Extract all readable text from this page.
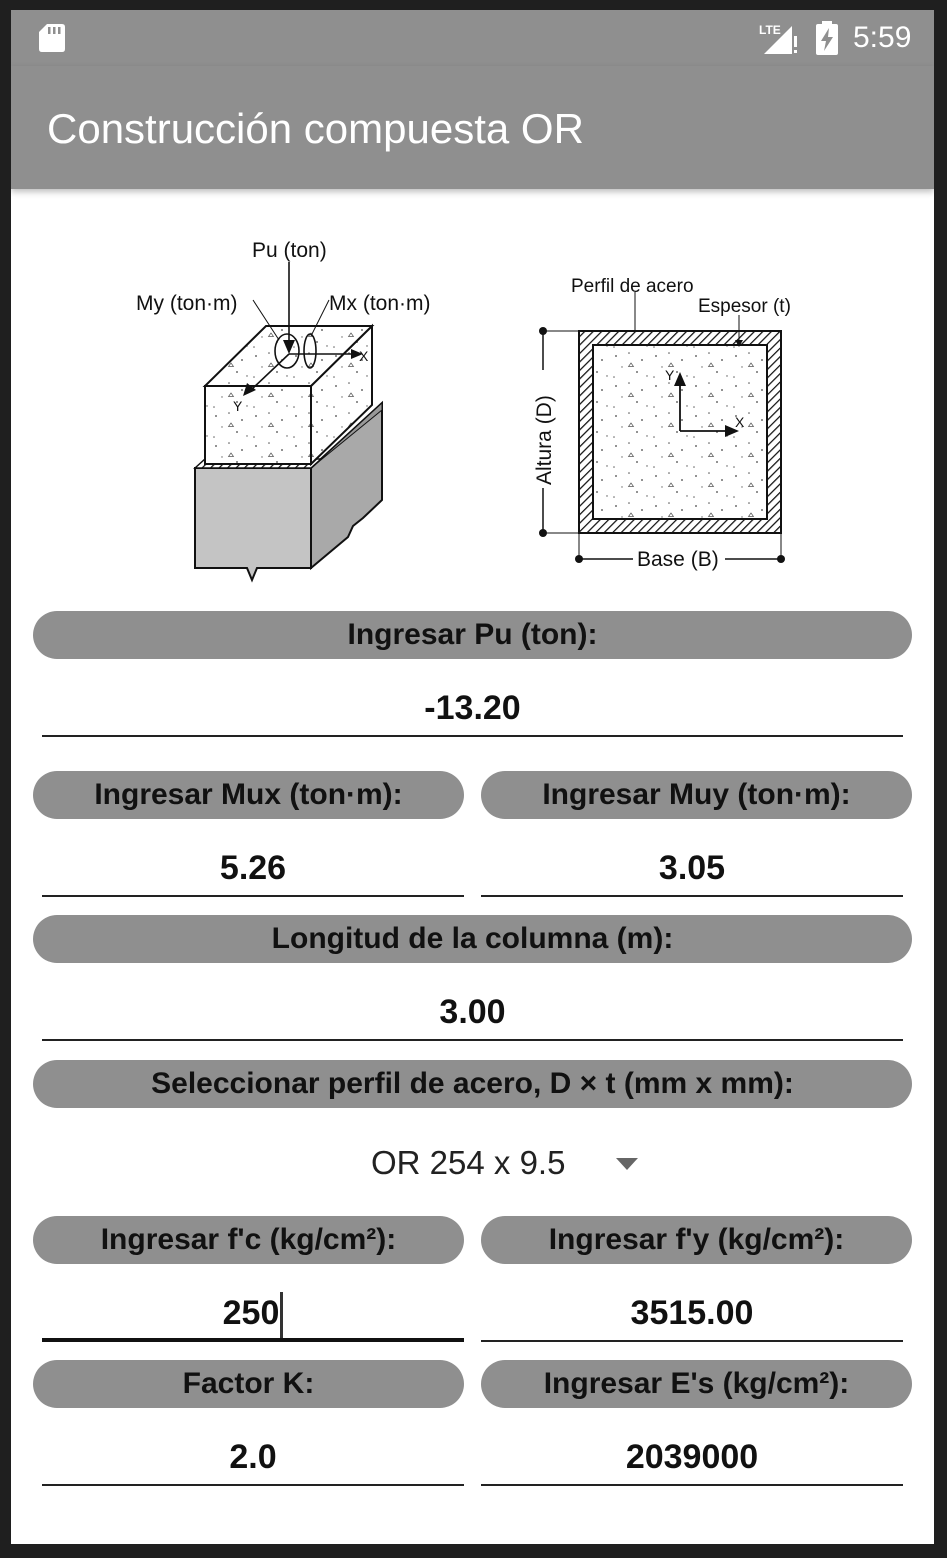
LTE 5:59
Construcción compuesta OR
Pu (ton)
My (ton·m)	Mx (ton·m)
X
Y
Y
X
Altura (D)
Base (B)
Perfil de acero
Espesor (t)
Ingresar Pu (ton):
-13.20
Ingresar Mux (ton·m):	Ingresar Muy (ton·m):
5.26	3.05
Longitud de la columna (m):
3.00
Seleccionar perfil de acero, D × t (mm x mm):
OR 254 x 9.5
Ingresar f'c (kg/cm²):	Ingresar f'y (kg/cm²):
250	3515.00
Factor K:	Ingresar E's (kg/cm²):
2.0	2039000
